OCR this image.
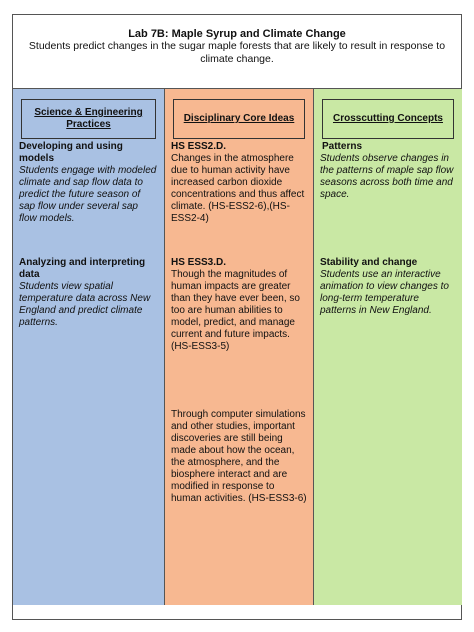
Lab 7B: Maple Syrup and Climate Change
Students predict changes in the sugar maple forests that are likely to result in response to climate change.
Science & Engineering Practices
Developing and using models
Students engage with modeled climate and sap flow data to predict the future season of sap flow under several sap flow models.
Analyzing and interpreting data
Students view spatial temperature data across New England and predict climate patterns.
Disciplinary Core Ideas
HS ESS2.D.
Changes in the atmosphere due to human activity have increased carbon dioxide concentrations and thus affect climate. (HS-ESS2-6),(HS-ESS2-4)
HS ESS3.D.
Though the magnitudes of human impacts are greater than they have ever been, so too are human abilities to model, predict, and manage current and future impacts. (HS-ESS3-5)
Through computer simulations and other studies, important discoveries are still being made about how the ocean, the atmosphere, and the biosphere interact and are modified in response to human activities. (HS-ESS3-6)
Crosscutting Concepts
Patterns
Students observe changes in the patterns of maple sap flow seasons across both time and space.
Stability and change
Students use an interactive animation to view changes to long-term temperature patterns in New England.
